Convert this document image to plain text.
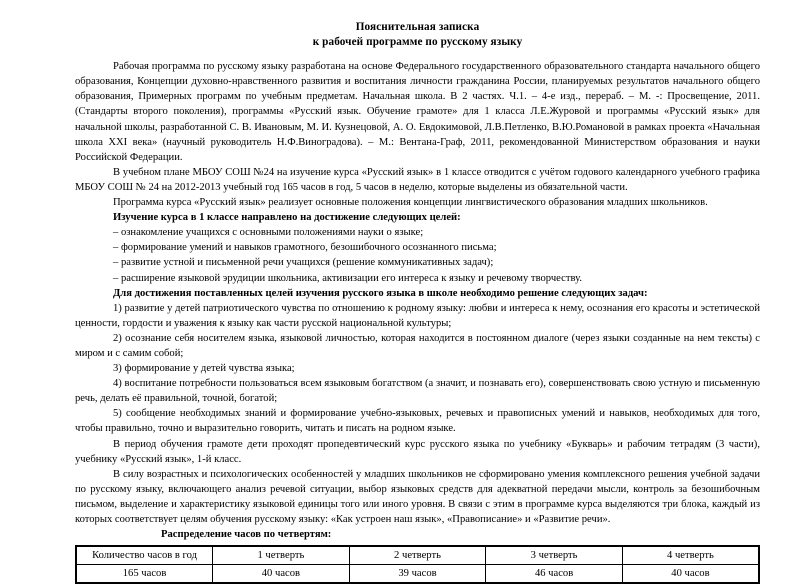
Пояснительная записка
к рабочей программе по русскому языку

Рабочая программа по русскому языку разработана на основе Федерального государственного образовательного стандарта начального общего образования, Концепции духовно-нравственного развития и воспитания личности гражданина России, планируемых результатов начального общего образования, Примерных программ по учебным предметам. Начальная школа. В 2 частях. Ч.1. – 4-е изд., перераб. – М. -: Просвещение, 2011. (Стандарты второго поколения), программы «Русский язык. Обучение грамоте» для 1 класса Л.Е.Журовой и программы «Русский язык» для начальной школы, разработанной С. В. Ивановым, М. И. Кузнецовой, А. О. Евдокимовой, Л.В.Петленко, В.Ю.Романовой в рамках проекта «Начальная школа XXI века» (научный руководитель Н.Ф.Виноградова). – М.: Вентана-Граф, 2011, рекомендованной Министерством образования и науки Российской Федерации.

В учебном плане МБОУ СОШ №24 на изучение курса «Русский язык» в 1 классе отводится с учётом годового календарного учебного графика МБОУ СОШ № 24 на 2012-2013 учебный год 165 часов в год, 5 часов в неделю, которые выделены из обязательной части.

Программа курса «Русский язык» реализует основные положения концепции лингвистического образования младших школьников.

Изучение курса в 1 классе направлено на достижение следующих целей:

– ознакомление учащихся с основными положениями науки о языке;

– формирование умений и навыков грамотного, безошибочного осознанного письма;

– развитие устной и письменной речи учащихся (решение коммуникативных задач);

– расширение языковой эрудиции школьника, активизации его интереса к языку и речевому творчеству.

Для достижения поставленных целей изучения русского языка в школе необходимо решение следующих задач:

1) развитие у детей патриотического чувства по отношению к родному языку: любви и интереса к нему, осознания его красоты и эстетической ценности, гордости и уважения к языку как части русской национальной культуры;

2) осознание себя носителем языка, языковой личностью, которая находится в постоянном диалоге (через языки созданные на нем тексты) с миром и с самим собой;

3) формирование у детей чувства языка;

4) воспитание потребности пользоваться всем языковым богатством (а значит, и познавать его), совершенствовать свою устную и письменную речь, делать её правильной, точной, богатой;

5) сообщение необходимых знаний и формирование учебно-языковых, речевых и правописных умений и навыков, необходимых для того, чтобы правильно, точно и выразительно говорить, читать и писать на родном языке.

В период обучения грамоте дети проходят пропедевтический курс русского языка по учебнику «Букварь» и рабочим тетрадям (3 части), учебнику «Русский язык», 1-й класс.

В силу возрастных и психологических особенностей у младших школьников не сформировано умения комплексного решения учебной задачи по русскому языку, включающего анализ речевой ситуации, выбор языковых средств для адекватной передачи мысли, контроль за безошибочным письмом, выделение и характеристику языковой единицы того или иного уровня. В связи с этим в программе курса выделяются три блока, каждый из которых соответствует целям обучения русскому языку: «Как устроен наш язык», «Правописание» и «Развитие речи».

Распределение часов по четвертям:

Количество часов в год	1 четверть	2 четверть	3 четверть	4 четверть
165 часов	40 часов	39 часов	46 часов	40 часов
